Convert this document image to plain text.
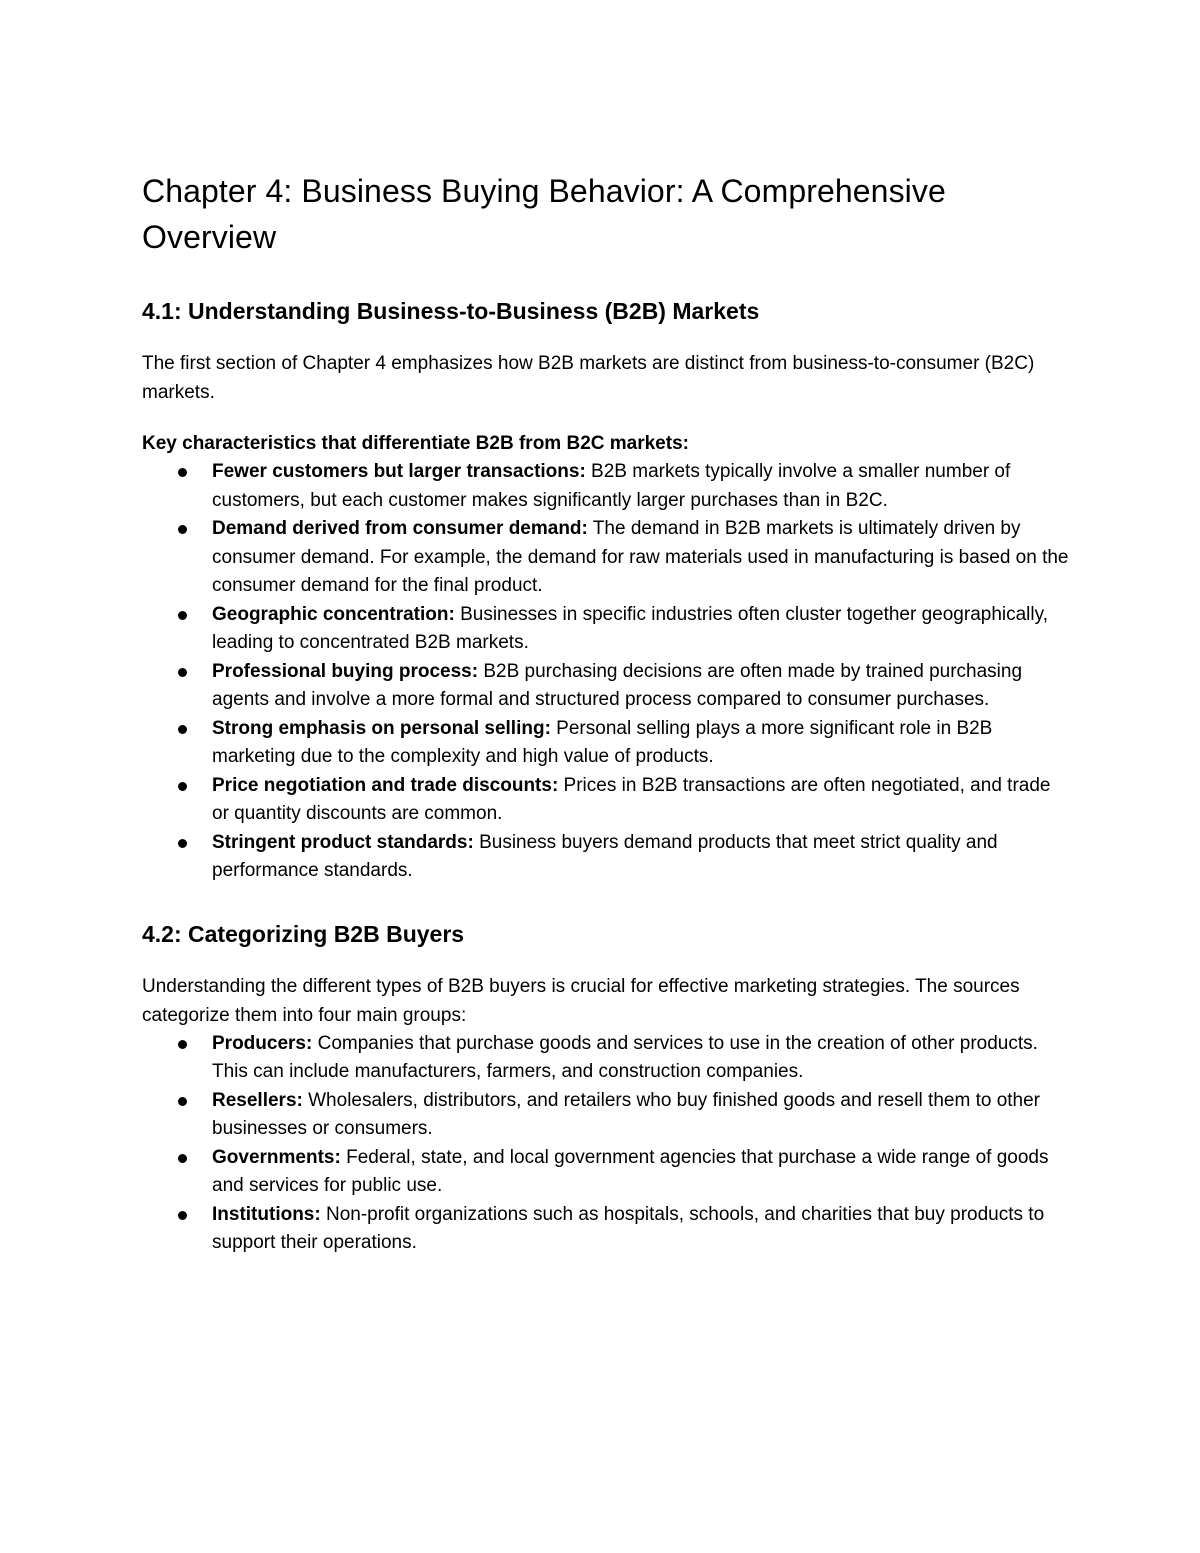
Chapter 4: Business Buying Behavior: A Comprehensive Overview
4.1: Understanding Business-to-Business (B2B) Markets

The first section of Chapter 4 emphasizes how B2B markets are distinct from business-to-consumer (B2C) markets.

Key characteristics that differentiate B2B from B2C markets:

Fewer customers but larger transactions: B2B markets typically involve a smaller number of customers, but each customer makes significantly larger purchases than in B2C.
Demand derived from consumer demand: The demand in B2B markets is ultimately driven by consumer demand. For example, the demand for raw materials used in manufacturing is based on the consumer demand for the final product.
Geographic concentration: Businesses in specific industries often cluster together geographically, leading to concentrated B2B markets.
Professional buying process: B2B purchasing decisions are often made by trained purchasing agents and involve a more formal and structured process compared to consumer purchases.
Strong emphasis on personal selling: Personal selling plays a more significant role in B2B marketing due to the complexity and high value of products.
Price negotiation and trade discounts: Prices in B2B transactions are often negotiated, and trade or quantity discounts are common.
Stringent product standards: Business buyers demand products that meet strict quality and performance standards.
4.2: Categorizing B2B Buyers

Understanding the different types of B2B buyers is crucial for effective marketing strategies. The sources categorize them into four main groups:

Producers: Companies that purchase goods and services to use in the creation of other products. This can include manufacturers, farmers, and construction companies.
Resellers: Wholesalers, distributors, and retailers who buy finished goods and resell them to other businesses or consumers.
Governments: Federal, state, and local government agencies that purchase a wide range of goods and services for public use.
Institutions: Non-profit organizations such as hospitals, schools, and charities that buy products to support their operations.
